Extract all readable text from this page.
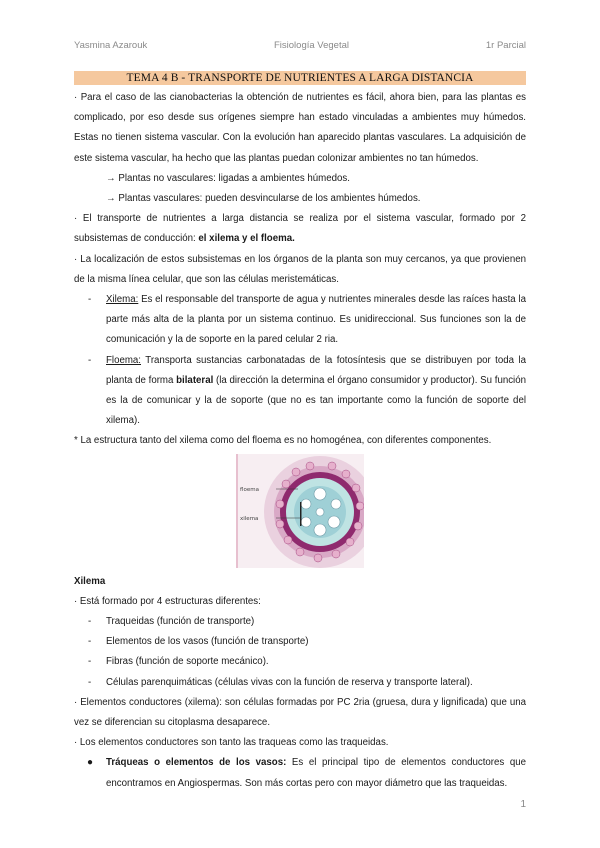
Yasmina Azarouk	Fisiología Vegetal	1r Parcial
TEMA 4 B - TRANSPORTE DE NUTRIENTES A LARGA DISTANCIA

· Para el caso de las cianobacterias la obtención de nutrientes es fácil, ahora bien, para las plantas es complicado, por eso desde sus orígenes siempre han estado vinculadas a ambientes muy húmedos. Estas no tienen sistema vascular. Con la evolución han aparecido plantas vasculares. La adquisición de este sistema vascular, ha hecho que las plantas puedan colonizar ambientes no tan húmedos.

→ Plantas no vasculares: ligadas a ambientes húmedos.

→ Plantas vasculares: pueden desvincularse de los ambientes húmedos.

· El transporte de nutrientes a larga distancia se realiza por el sistema vascular, formado por 2 subsistemas de conducción: el xilema y el floema.

· La localización de estos subsistemas en los órganos de la planta son muy cercanos, ya que provienen de la misma línea celular, que son las células meristemáticas.

- Xilema: Es el responsable del transporte de agua y nutrientes minerales desde las raíces hasta la parte más alta de la planta por un sistema continuo. Es unidireccional. Sus funciones son la de comunicación y la de soporte en la pared celular 2 ria.

- Floema: Transporta sustancias carbonatadas de la fotosíntesis que se distribuyen por toda la planta de forma bilateral (la dirección la determina el órgano consumidor y productor). Su función es la de comunicar y la de soporte (que no es tan importante como la función de soporte del xilema).

* La estructura tanto del xilema como del floema es no homogénea, con diferentes componentes.

floema
xilema

Xilema

· Está formado por 4 estructuras diferentes:

- Traqueidas (función de transporte)

- Elementos de los vasos (función de transporte)

- Fibras (función de soporte mecánico).

- Células parenquimáticas (células vivas con la función de reserva y transporte lateral).

· Elementos conductores (xilema): son células formadas por PC 2ria (gruesa, dura y lignificada) que una vez se diferencian su citoplasma desaparece.

· Los elementos conductores son tanto las traqueas como las traqueidas.

● Tráqueas o elementos de los vasos: Es el principal tipo de elementos conductores que encontramos en Angiospermas. Son más cortas pero con mayor diámetro que las traqueidas.

1
